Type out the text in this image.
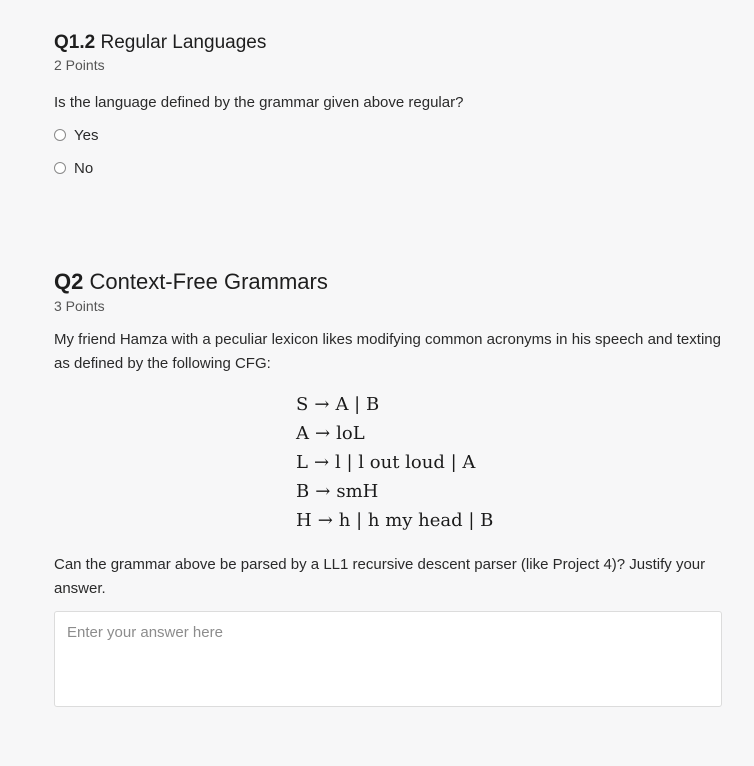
Q1.2 Regular Languages
2 Points
Is the language defined by the grammar given above regular?
Yes
No
Q2 Context-Free Grammars
3 Points
My friend Hamza with a peculiar lexicon likes modifying common acronyms in his speech and texting as defined by the following CFG:
S → A | B
A → loL
L → l | l out loud | A
B → smH
H → h | h my head | B
Can the grammar above be parsed by a LL1 recursive descent parser (like Project 4)? Justify your answer.
Enter your answer here
